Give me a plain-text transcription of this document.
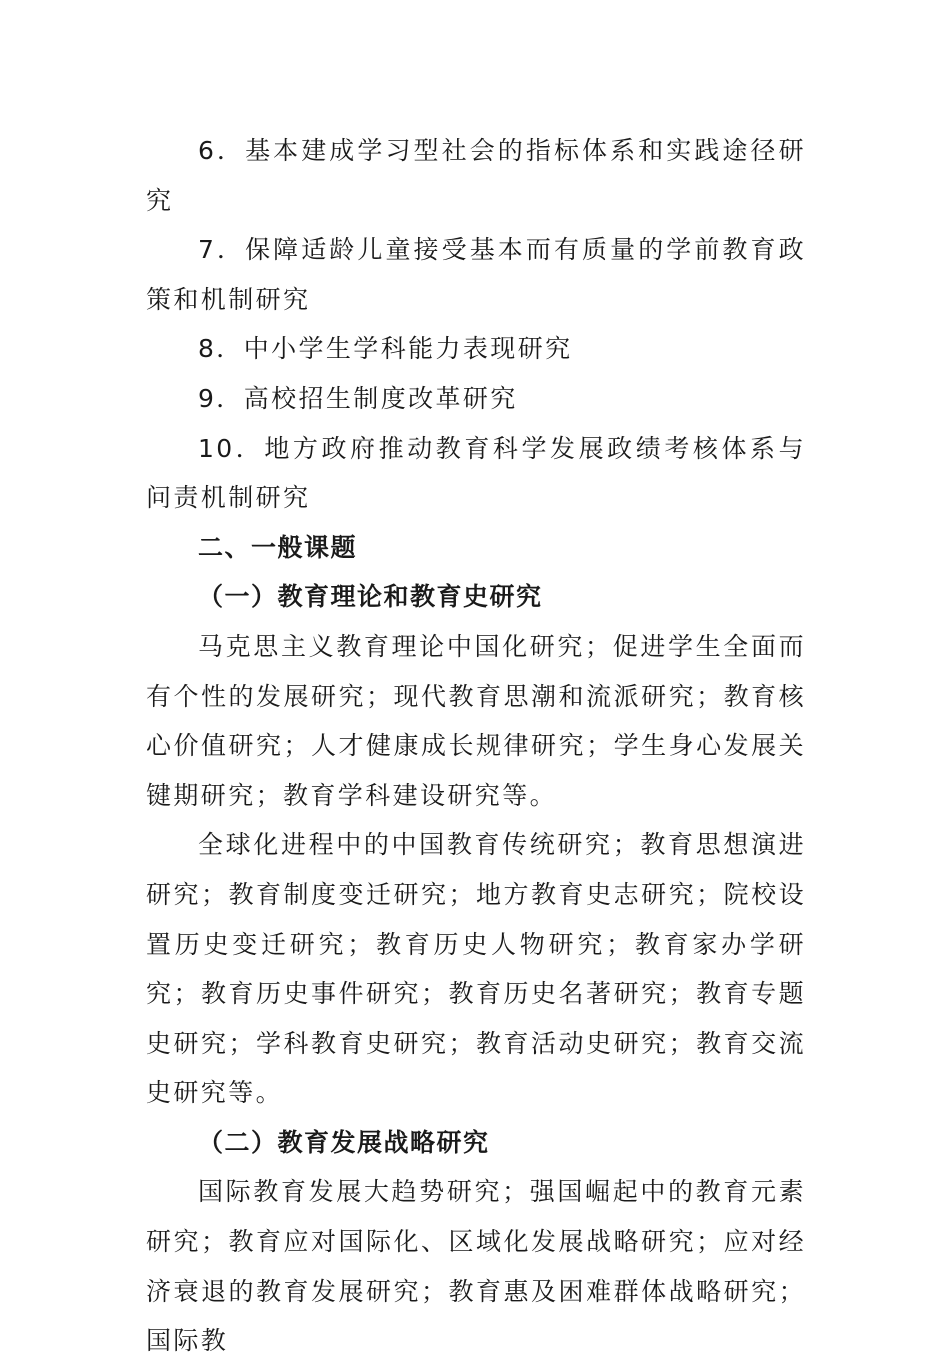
6．基本建成学习型社会的指标体系和实践途径研究

7．保障适龄儿童接受基本而有质量的学前教育政策和机制研究

8．中小学生学科能力表现研究

9．高校招生制度改革研究

10．地方政府推动教育科学发展政绩考核体系与问责机制研究

二、一般课题

（一）教育理论和教育史研究

马克思主义教育理论中国化研究；促进学生全面而有个性的发展研究；现代教育思潮和流派研究；教育核心价值研究；人才健康成长规律研究；学生身心发展关键期研究；教育学科建设研究等。

全球化进程中的中国教育传统研究；教育思想演进研究；教育制度变迁研究；地方教育史志研究；院校设置历史变迁研究；教育历史人物研究；教育家办学研究；教育历史事件研究；教育历史名著研究；教育专题史研究；学科教育史研究；教育活动史研究；教育交流史研究等。

（二）教育发展战略研究

国际教育发展大趋势研究；强国崛起中的教育元素研究；教育应对国际化、区域化发展战略研究；应对经济衰退的教育发展研究；教育惠及困难群体战略研究；国际教
